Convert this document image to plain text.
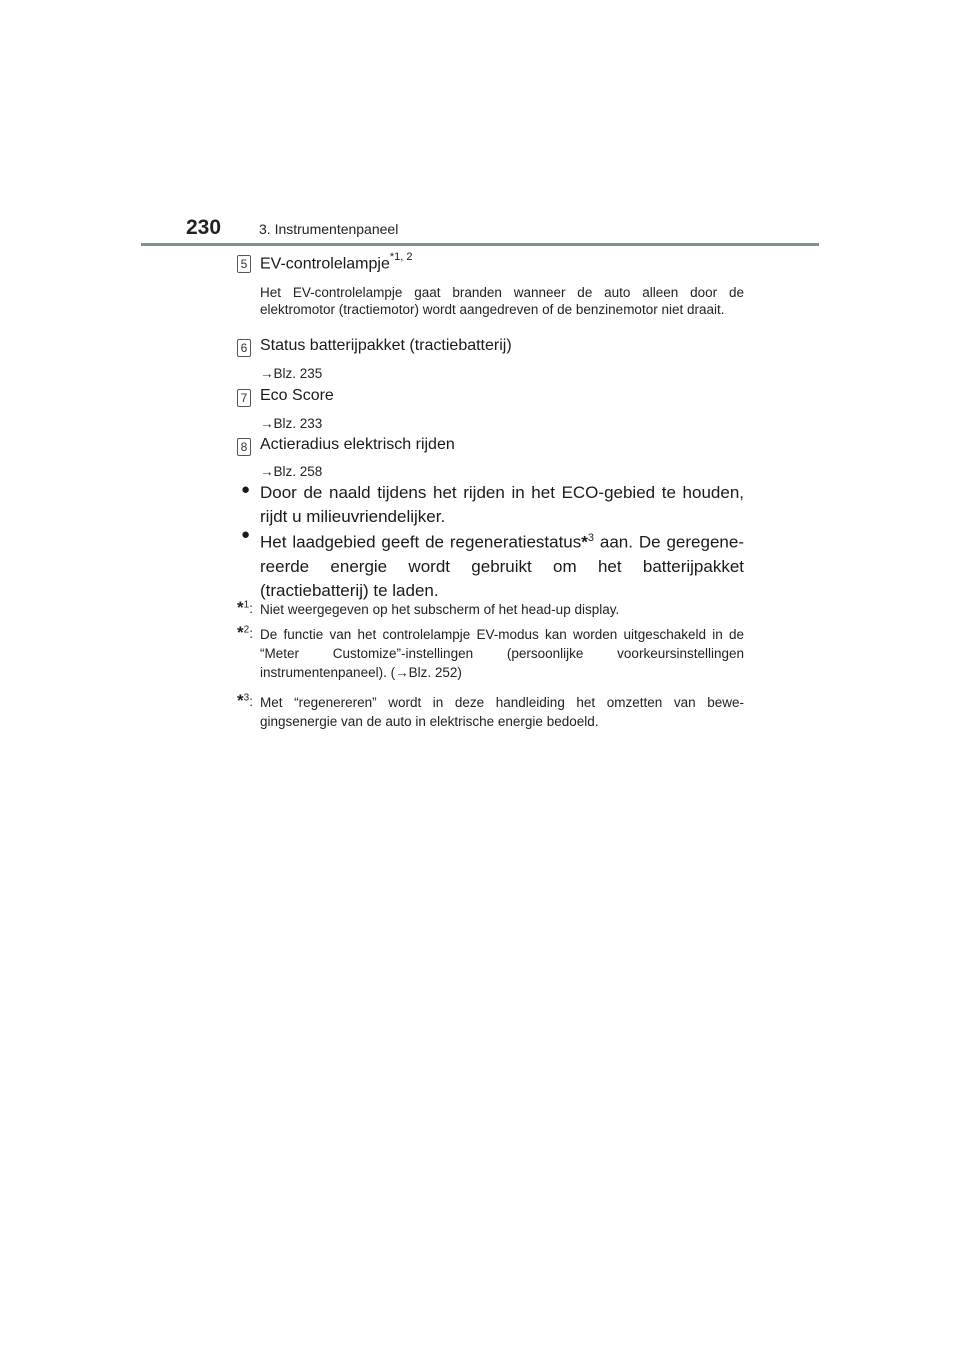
230	3. Instrumentenpaneel
5 EV-controlelampje$^{*1, 2}$
Het EV-controlelampje gaat branden wanneer de auto alleen door de elektromotor (tractiemotor) wordt aangedreven of de benzinemotor niet draait.
6 Status batterijpakket (tractiebatterij)
→Blz. 235
7 Eco Score
→Blz. 233
8 Actieradius elektrisch rijden
→Blz. 258
● Door de naald tijdens het rijden in het ECO-gebied te houden, rijdt u milieuvriendelijker.
● Het laadgebied geeft de regeneratiestatus*$^3$ aan. De geregenereerde energie wordt gebruikt om het batterijpakket (tractiebatterij) te laden.
*$^1$: Niet weergegeven op het subscherm of het head-up display.
*$^2$: De functie van het controlelampje EV-modus kan worden uitgeschakeld in de “Meter Customize”-instellingen (persoonlijke voorkeursinstellingen instrumentenpaneel). (→Blz. 252)
*$^3$: Met “regenereren” wordt in deze handleiding het omzetten van bewegingsenergie van de auto in elektrische energie bedoeld.
